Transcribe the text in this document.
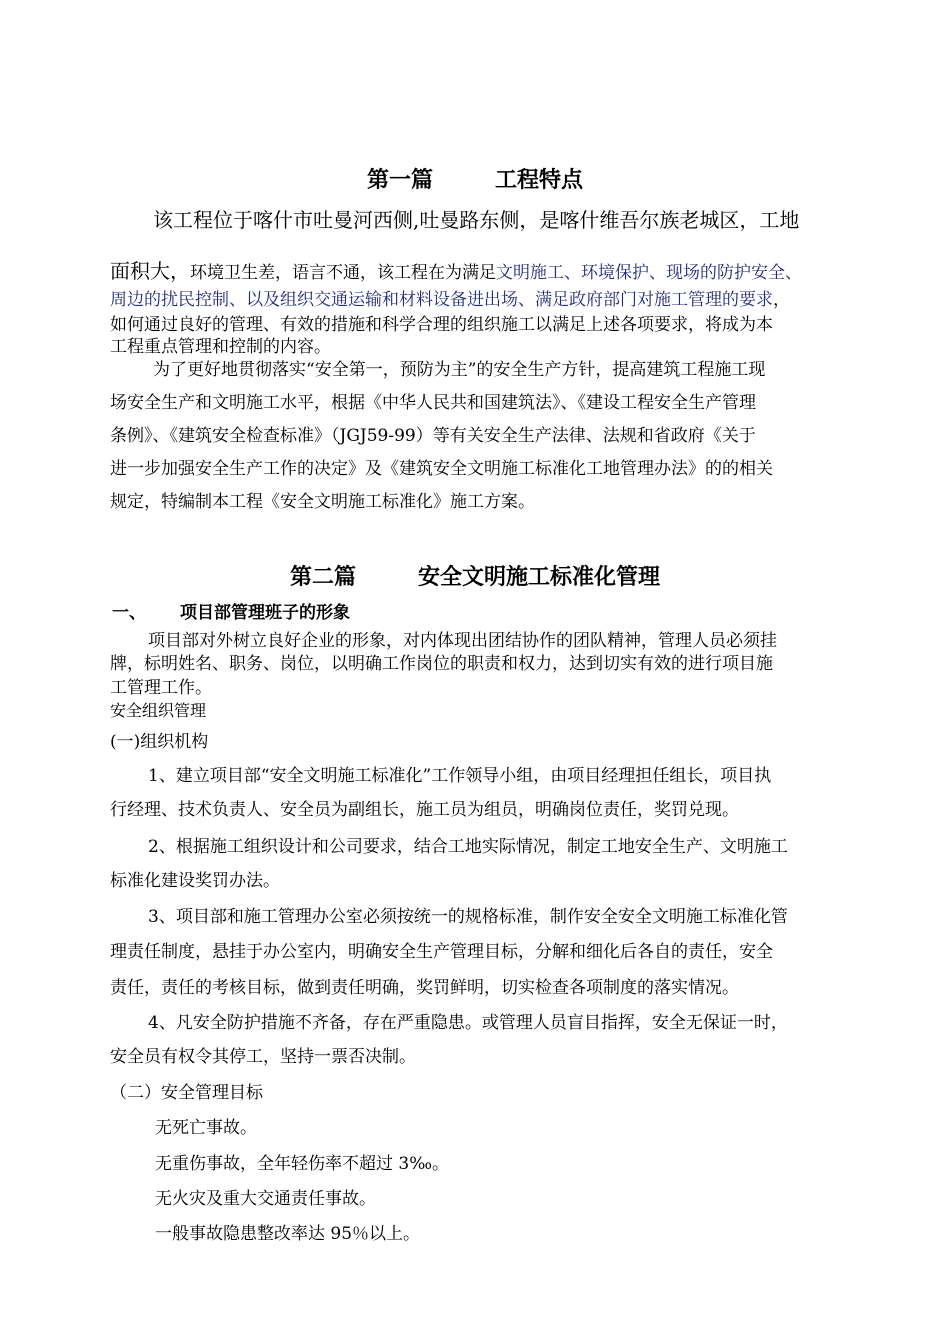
第一篇	工程特点
该工程位于喀什市吐曼河西侧,吐曼路东侧，是喀什维吾尔族老城区，工地
面积大，环境卫生差，语言不通，该工程在为满足文明施工、环境保护、现场的防护安全、
周边的扰民控制、以及组织交通运输和材料设备进出场、满足政府部门对施工管理的要求，
如何通过良好的管理、有效的措施和科学合理的组织施工以满足上述各项要求，将成为本
工程重点管理和控制的内容。
为了更好地贯彻落实“安全第一，预防为主”的安全生产方针，提高建筑工程施工现
场安全生产和文明施工水平，根据《中华人民共和国建筑法》、《建设工程安全生产管理
条例》、《建筑安全检查标准》（JGJ59-99）等有关安全生产法律、法规和省政府《关于
进一步加强安全生产工作的决定》及《建筑安全文明施工标准化工地管理办法》的的相关
规定，特编制本工程《安全文明施工标准化》施工方案。
第二篇	安全文明施工标准化管理
一、 项目部管理班子的形象
项目部对外树立良好企业的形象，对内体现出团结协作的团队精神，管理人员必须挂
牌，标明姓名、职务、岗位，以明确工作岗位的职责和权力，达到切实有效的进行项目施
工管理工作。
安全组织管理
(一)组织机构
1、建立项目部“安全文明施工标准化”工作领导小组，由项目经理担任组长，项目执
行经理、技术负责人、安全员为副组长，施工员为组员，明确岗位责任，奖罚兑现。
2、根据施工组织设计和公司要求，结合工地实际情况，制定工地安全生产、文明施工
标准化建设奖罚办法。
3、项目部和施工管理办公室必须按统一的规格标准，制作安全安全文明施工标准化管
理责任制度，悬挂于办公室内，明确安全生产管理目标，分解和细化后各自的责任，安全
责任，责任的考核目标，做到责任明确，奖罚鲜明，切实检查各项制度的落实情况。
4、凡安全防护措施不齐备，存在严重隐患。或管理人员盲目指挥，安全无保证一时，
安全员有权令其停工，坚持一票否决制。
（二）安全管理目标
无死亡事故。
无重伤事故，全年轻伤率不超过 3‰。
无火灾及重大交通责任事故。
一般事故隐患整改率达 95％以上。
